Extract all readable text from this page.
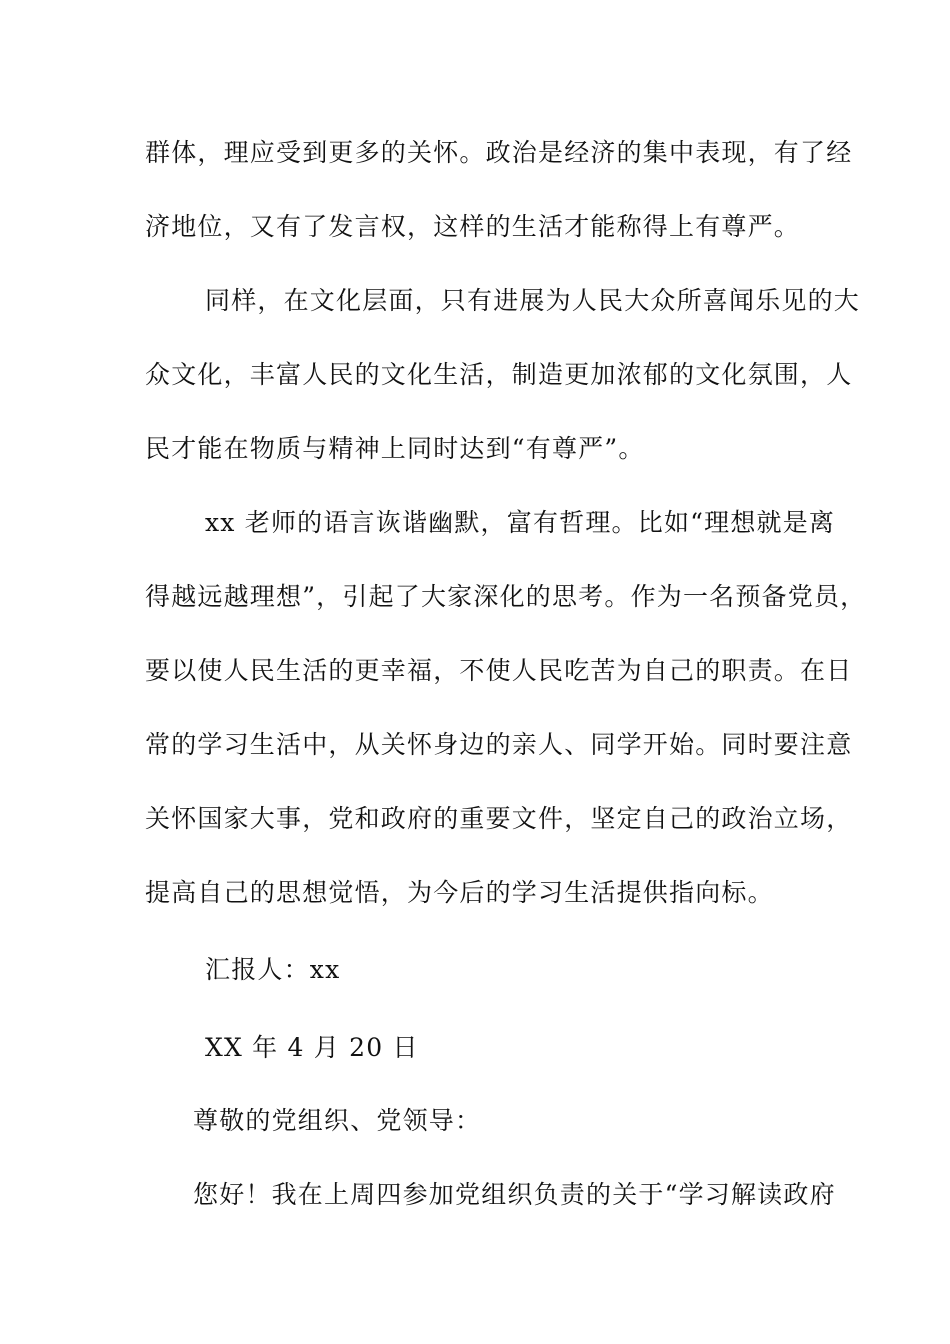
群体，理应受到更多的关怀。政治是经济的集中表现，有了经
济地位，又有了发言权，这样的生活才能称得上有尊严。
同样，在文化层面，只有进展为人民大众所喜闻乐见的大
众文化，丰富人民的文化生活，制造更加浓郁的文化氛围，人
民才能在物质与精神上同时达到“有尊严”。
xx 老师的语言诙谐幽默，富有哲理。比如“理想就是离
得越远越理想”，引起了大家深化的思考。作为一名预备党员，
要以使人民生活的更幸福，不使人民吃苦为自己的职责。在日
常的学习生活中，从关怀身边的亲人、同学开始。同时要注意
关怀国家大事，党和政府的重要文件，坚定自己的政治立场，
提高自己的思想觉悟，为今后的学习生活提供指向标。
汇报人：xx
XX 年 4 月 20 日
尊敬的党组织、党领导：
您好！我在上周四参加党组织负责的关于“学习解读政府
